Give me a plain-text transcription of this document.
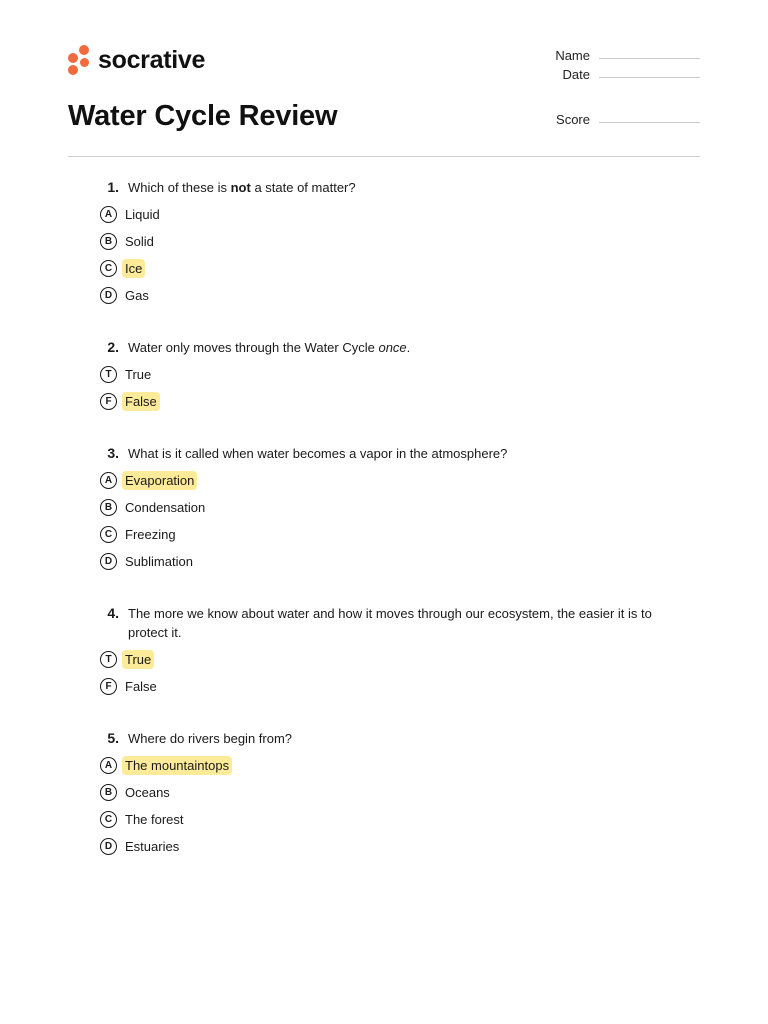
socrative
Water Cycle Review
Name
Date
Score
1. Which of these is not a state of matter?
A Liquid
B Solid
C Ice
D Gas
2. Water only moves through the Water Cycle once.
T	True
F	False
3. What is it called when water becomes a vapor in the atmosphere?
A Evaporation
B Condensation
C Freezing
D Sublimation
4. The more we know about water and how it moves through our ecosystem, the easier it is to protect it.
T	True
F	False
5. Where do rivers begin from?
A The mountaintops
B Oceans
C The forest
D Estuaries
